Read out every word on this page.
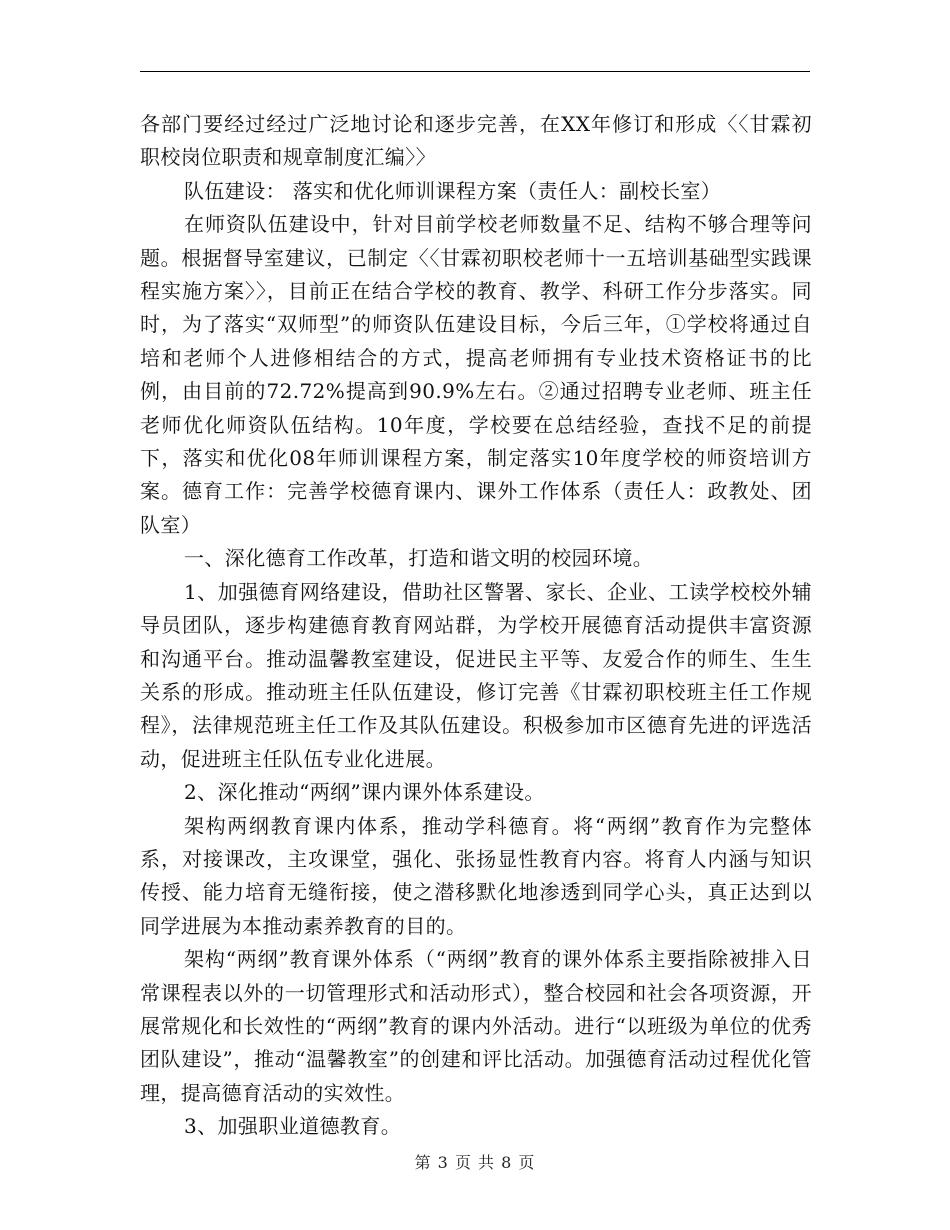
各部门要经过经过广泛地讨论和逐步完善，在XX年修订和形成〈〈甘霖初职校岗位职责和规章制度汇编〉〉

队伍建设： 落实和优化师训课程方案（责任人：副校长室）

在师资队伍建设中，针对目前学校老师数量不足、结构不够合理等问题。根据督导室建议，已制定〈〈甘霖初职校老师十一五培训基础型实践课程实施方案〉〉，目前正在结合学校的教育、教学、科研工作分步落实。同时，为了落实“双师型”的师资队伍建设目标，今后三年，①学校将通过自培和老师个人进修相结合的方式，提高老师拥有专业技术资格证书的比例，由目前的72.72%提高到90.9%左右。②通过招聘专业老师、班主任老师优化师资队伍结构。10年度，学校要在总结经验，查找不足的前提下，落实和优化08年师训课程方案，制定落实10年度学校的师资培训方案。德育工作：完善学校德育课内、课外工作体系（责任人：政教处、团队室）

一、深化德育工作改革，打造和谐文明的校园环境。

1、加强德育网络建设，借助社区警署、家长、企业、工读学校校外辅导员团队，逐步构建德育教育网站群，为学校开展德育活动提供丰富资源和沟通平台。推动温馨教室建设，促进民主平等、友爱合作的师生、生生关系的形成。推动班主任队伍建设，修订完善《甘霖初职校班主任工作规程》，法律规范班主任工作及其队伍建设。积极参加市区德育先进的评选活动，促进班主任队伍专业化进展。

2、深化推动“两纲”课内课外体系建设。

架构两纲教育课内体系，推动学科德育。将“两纲”教育作为完整体系，对接课改，主攻课堂，强化、张扬显性教育内容。将育人内涵与知识传授、能力培育无缝衔接，使之潜移默化地渗透到同学心头，真正达到以同学进展为本推动素养教育的目的。

架构“两纲”教育课外体系（“两纲”教育的课外体系主要指除被排入日常课程表以外的一切管理形式和活动形式），整合校园和社会各项资源，开展常规化和长效性的“两纲”教育的课内外活动。进行“以班级为单位的优秀团队建设”，推动“温馨教室”的创建和评比活动。加强德育活动过程优化管理，提高德育活动的实效性。

3、加强职业道德教育。

第 3 页 共 8 页
